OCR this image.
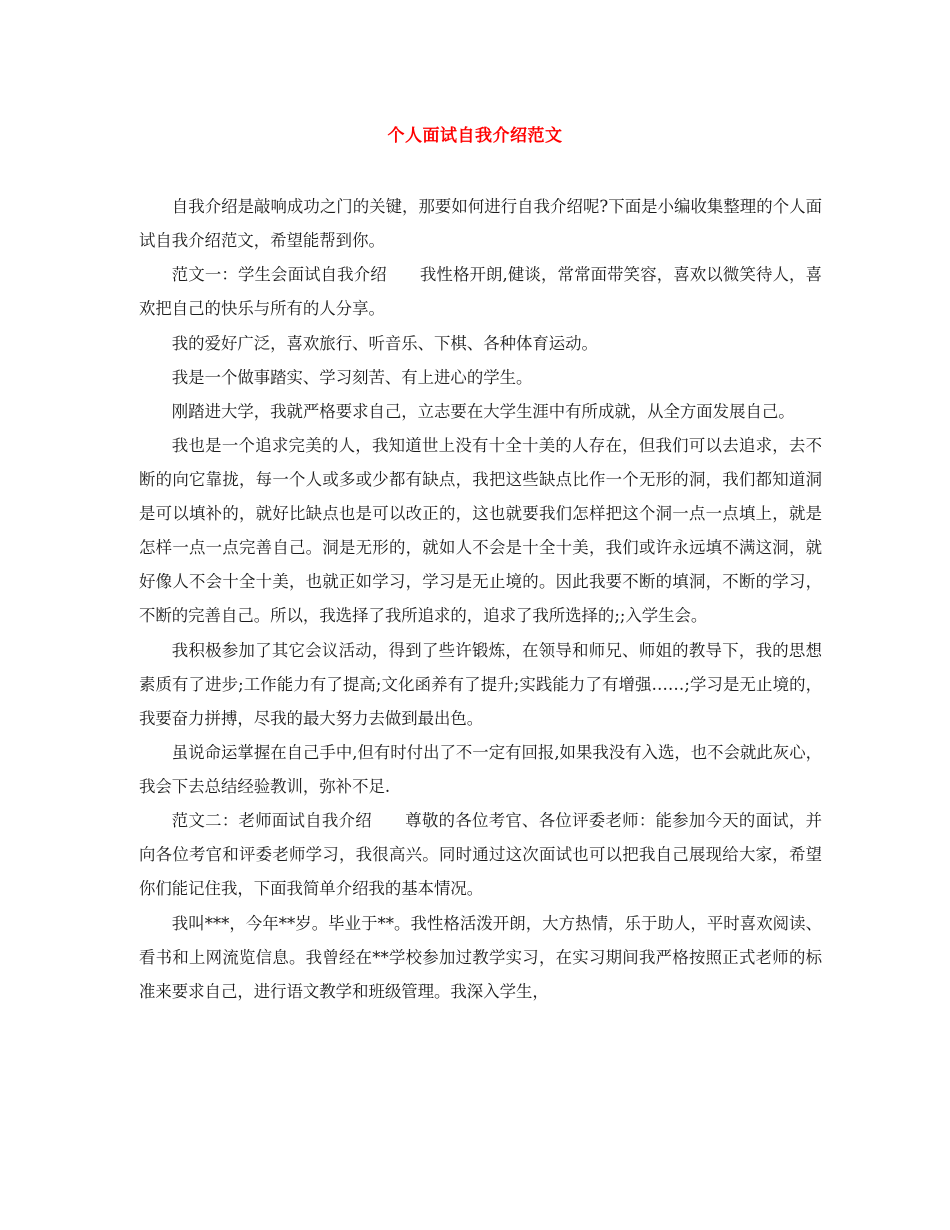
个人面试自我介绍范文

自我介绍是敲响成功之门的关键，那要如何进行自我介绍呢?下面是小编收集整理的个人面试自我介绍范文，希望能帮到你。

范文一：学生会面试自我介绍　　我性格开朗,健谈，常常面带笑容，喜欢以微笑待人，喜欢把自己的快乐与所有的人分享。

我的爱好广泛，喜欢旅行、听音乐、下棋、各种体育运动。

我是一个做事踏实、学习刻苦、有上进心的学生。

刚踏进大学，我就严格要求自己，立志要在大学生涯中有所成就，从全方面发展自己。

我也是一个追求完美的人，我知道世上没有十全十美的人存在，但我们可以去追求，去不断的向它靠拢，每一个人或多或少都有缺点，我把这些缺点比作一个无形的洞，我们都知道洞是可以填补的，就好比缺点也是可以改正的，这也就要我们怎样把这个洞一点一点填上，就是怎样一点一点完善自己。洞是无形的，就如人不会是十全十美，我们或许永远填不满这洞，就好像人不会十全十美，也就正如学习，学习是无止境的。因此我要不断的填洞，不断的学习，不断的完善自己。所以，我选择了我所追求的，追求了我所选择的;;入学生会。

我积极参加了其它会议活动，得到了些许锻炼，在领导和师兄、师姐的教导下，我的思想素质有了进步;工作能力有了提高;文化函养有了提升;实践能力了有增强……;学习是无止境的，我要奋力拼搏，尽我的最大努力去做到最出色。

虽说命运掌握在自己手中,但有时付出了不一定有回报,如果我没有入选，也不会就此灰心，我会下去总结经验教训，弥补不足.

范文二：老师面试自我介绍　　尊敬的各位考官、各位评委老师：能参加今天的面试，并向各位考官和评委老师学习，我很高兴。同时通过这次面试也可以把我自己展现给大家，希望你们能记住我，下面我简单介绍我的基本情况。

我叫***，今年**岁。毕业于**。我性格活泼开朗，大方热情，乐于助人，平时喜欢阅读、看书和上网流览信息。我曾经在**学校参加过教学实习，在实习期间我严格按照正式老师的标准来要求自己，进行语文教学和班级管理。我深入学生，
